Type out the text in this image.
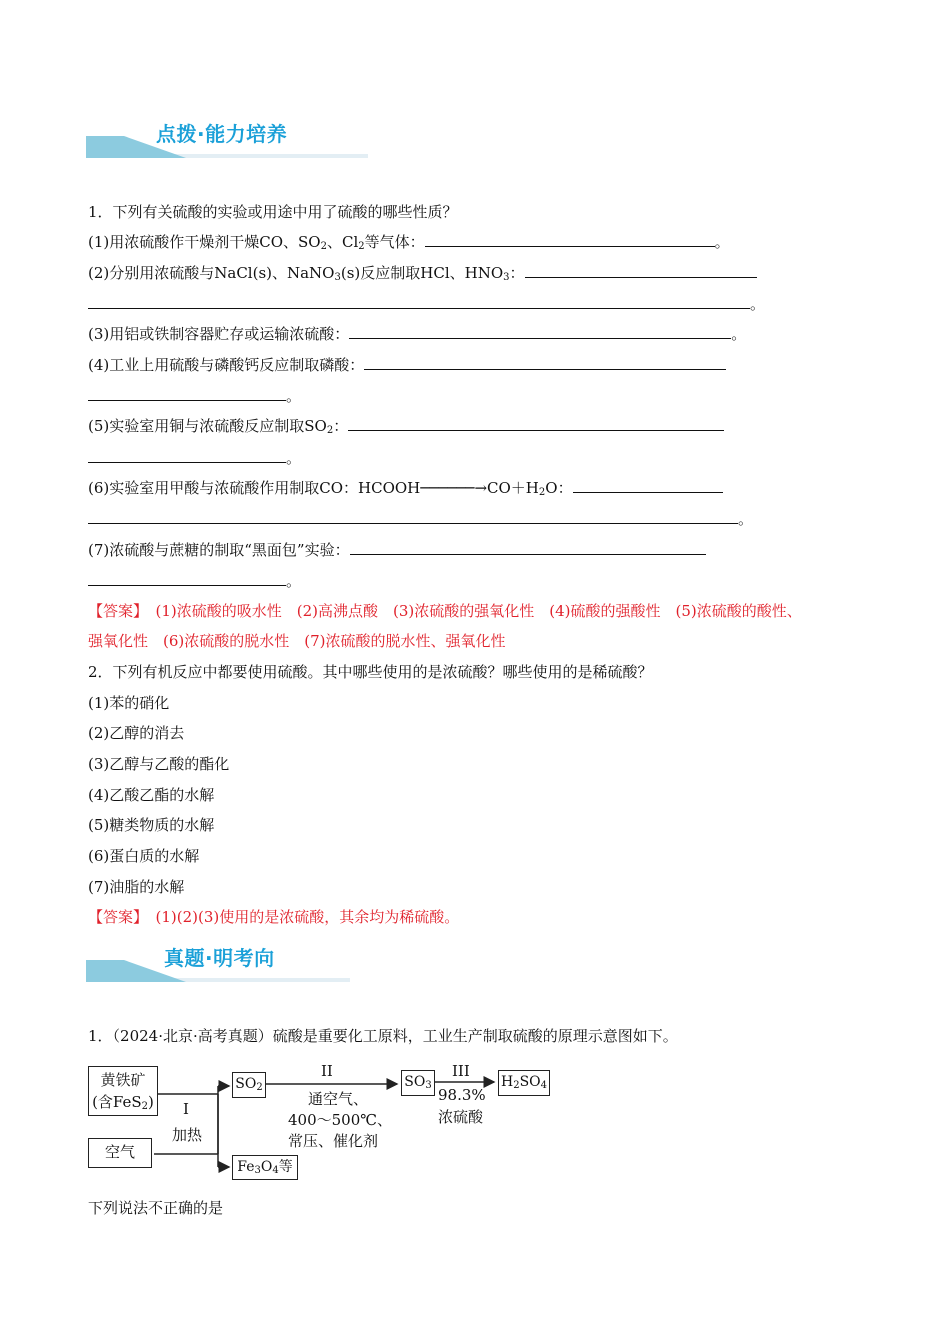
点拨·能力培养
1．下列有关硫酸的实验或用途中用了硫酸的哪些性质？
(1)用浓硫酸作干燥剂干燥CO、$SO_2$、$Cl_2$等气体：	。
(2)分别用浓硫酸与NaCl(s)、NaNO$_3$(s)反应制取HCl、$HNO_3$：
。
(3)用铝或铁制容器贮存或运输浓硫酸：	。
(4)工业上用硫酸与磷酸钙反应制取磷酸：
。
(5)实验室用铜与浓硫酸反应制取$SO_2$：
。
(6)实验室用甲酸与浓硫酸作用制取CO：$HCOOH──────\to CO+H_2O$：
。
(7)浓硫酸与蔗糖的制取“黑面包”实验：
。
【答案】　 (1)浓硫酸的吸水性　(2)高沸点酸　(3)浓硫酸的强氧化性　(4)硫酸的强酸性　(5)浓硫酸的酸性、
强氧化性　(6)浓硫酸的脱水性　(7)浓硫酸的脱水性、强氧化性
2．下列有机反应中都要使用硫酸。其中哪些使用的是浓硫酸？哪些使用的是稀硫酸？
(1)苯的硝化
(2)乙醇的消去
(3)乙醇与乙酸的酯化
(4)乙酸乙酯的水解
(5)糖类物质的水解
(6)蛋白质的水解
(7)油脂的水解
【答案】　 (1)(2)(3)使用的是浓硫酸，其余均为稀硫酸。
真题·明考向
1．（2024·北京·高考真题）硫酸是重要化工原料，工业生产制取硫酸的原理示意图如下。
黄铁矿
(含FeS$_2$)
空气
I
加热
$SO_2$
$Fe_3O_4$等
II
通空气、
400～500℃、
常压、催化剂
$SO_3$
III
98.3%
浓硫酸
$H_2SO_4$
下列说法不正确的是
